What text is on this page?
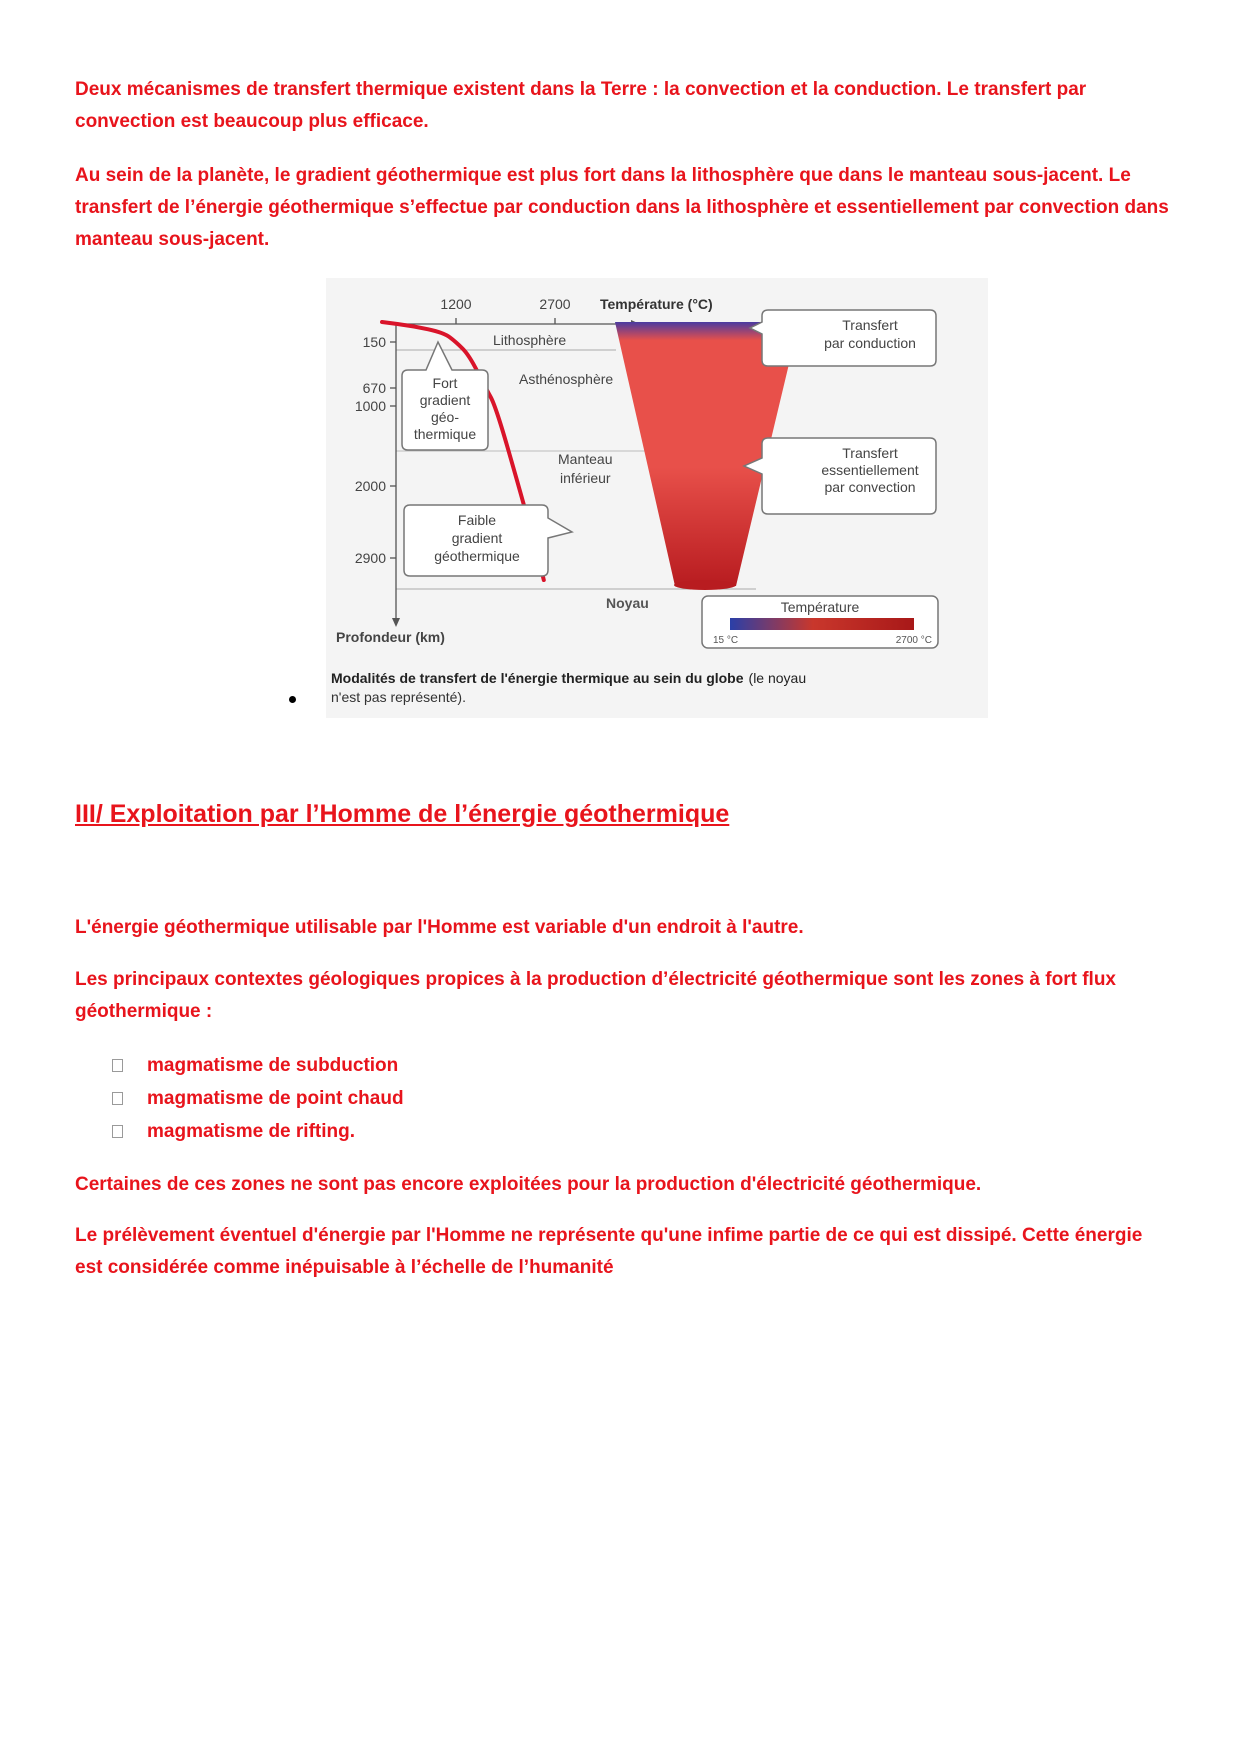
Deux mécanismes de transfert thermique existent dans la Terre : la convection et la conduction. Le transfert par convection est beaucoup plus efficace.

Au sein de la planète, le gradient géothermique est plus fort dans la lithosphère que dans le manteau sous-jacent. Le transfert de l’énergie géothermique s’effectue par conduction dans la lithosphère et essentiellement par convection dans manteau sous-jacent.

III/ Exploitation par l’Homme de l’énergie géothermique

L'énergie géothermique utilisable par l'Homme est variable d'un endroit à l'autre.

Les principaux contextes géologiques propices à la production d’électricité géothermique sont les zones à fort flux géothermique :

magmatisme de subduction
magmatisme de point chaud
magmatisme de rifting.

Certaines de ces zones ne sont pas encore exploitées pour la production d'électricité géothermique.

Le prélèvement éventuel d'énergie par l'Homme ne représente qu'une infime partie de ce qui est dissipé. Cette énergie est considérée comme inépuisable à l’échelle de l’humanité

150
670
1000
2000
2900
1200	2700 Température (°C)
Profondeur (km)
Lithosphère
Asthénosphère
Manteau
inférieur
Noyau
Fort
gradient
géo-
thermique
Faible
gradient
géothermique
Transfert
par conduction
Transfert
essentiellement
par convection
Température
15 °C	2700 °C
Modalités de transfert de l'énergie thermique au sein du globe (le noyau
n'est pas représenté).
